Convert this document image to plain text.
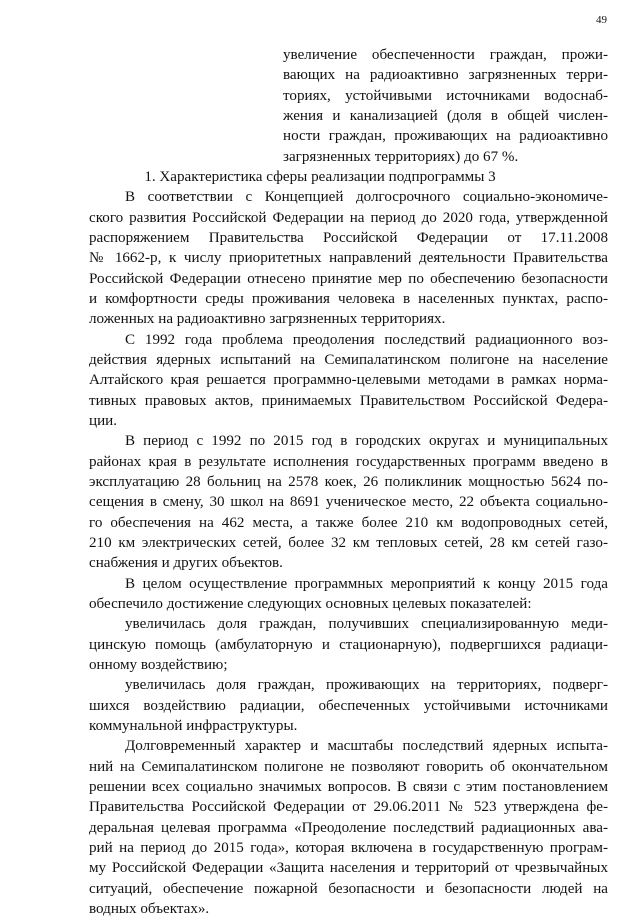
49
увеличение обеспеченности граждан, прожи-
вающих на радиоактивно загрязненных терри-
ториях, устойчивыми источниками водоснаб-
жения и канализацией (доля в общей числен-
ности граждан, проживающих на радиоактивно
загрязненных территориях) до 67 %.
1. Характеристика сферы реализации подпрограммы 3
В соответствии с Концепцией долгосрочного социально-экономиче-
ского развития Российской Федерации на период до 2020 года, утвержденной
распоряжением Правительства Российской Федерации от 17.11.2008
№ 1662-р, к числу приоритетных направлений деятельности Правительства
Российской Федерации отнесено принятие мер по обеспечению безопасности
и комфортности среды проживания человека в населенных пунктах, распо-
ложенных на радиоактивно загрязненных территориях.
С 1992 года проблема преодоления последствий радиационного воз-
действия ядерных испытаний на Семипалатинском полигоне на население
Алтайского края решается программно-целевыми методами в рамках норма-
тивных правовых актов, принимаемых Правительством Российской Федера-
ции.
В период с 1992 по 2015 год в городских округах и муниципальных
районах края в результате исполнения государственных программ введено в
эксплуатацию 28 больниц на 2578 коек, 26 поликлиник мощностью 5624 по-
сещения в смену, 30 школ на 8691 ученическое место, 22 объекта социально-
го обеспечения на 462 места, а также более 210 км водопроводных сетей,
210 км электрических сетей, более 32 км тепловых сетей, 28 км сетей газо-
снабжения и других объектов.
В целом осуществление программных мероприятий к концу 2015 года
обеспечило достижение следующих основных целевых показателей:
увеличилась доля граждан, получивших специализированную меди-
цинскую помощь (амбулаторную и стационарную), подвергшихся радиаци-
онному воздействию;
увеличилась доля граждан, проживающих на территориях, подверг-
шихся воздействию радиации, обеспеченных устойчивыми источниками
коммунальной инфраструктуры.
Долговременный характер и масштабы последствий ядерных испыта-
ний на Семипалатинском полигоне не позволяют говорить об окончательном
решении всех социально значимых вопросов. В связи с этим постановлением
Правительства Российской Федерации от 29.06.2011 № 523 утверждена фе-
деральная целевая программа «Преодоление последствий радиационных ава-
рий на период до 2015 года», которая включена в государственную програм-
му Российской Федерации «Защита населения и территорий от чрезвычайных
ситуаций, обеспечение пожарной безопасности и безопасности людей на
водных объектах».
